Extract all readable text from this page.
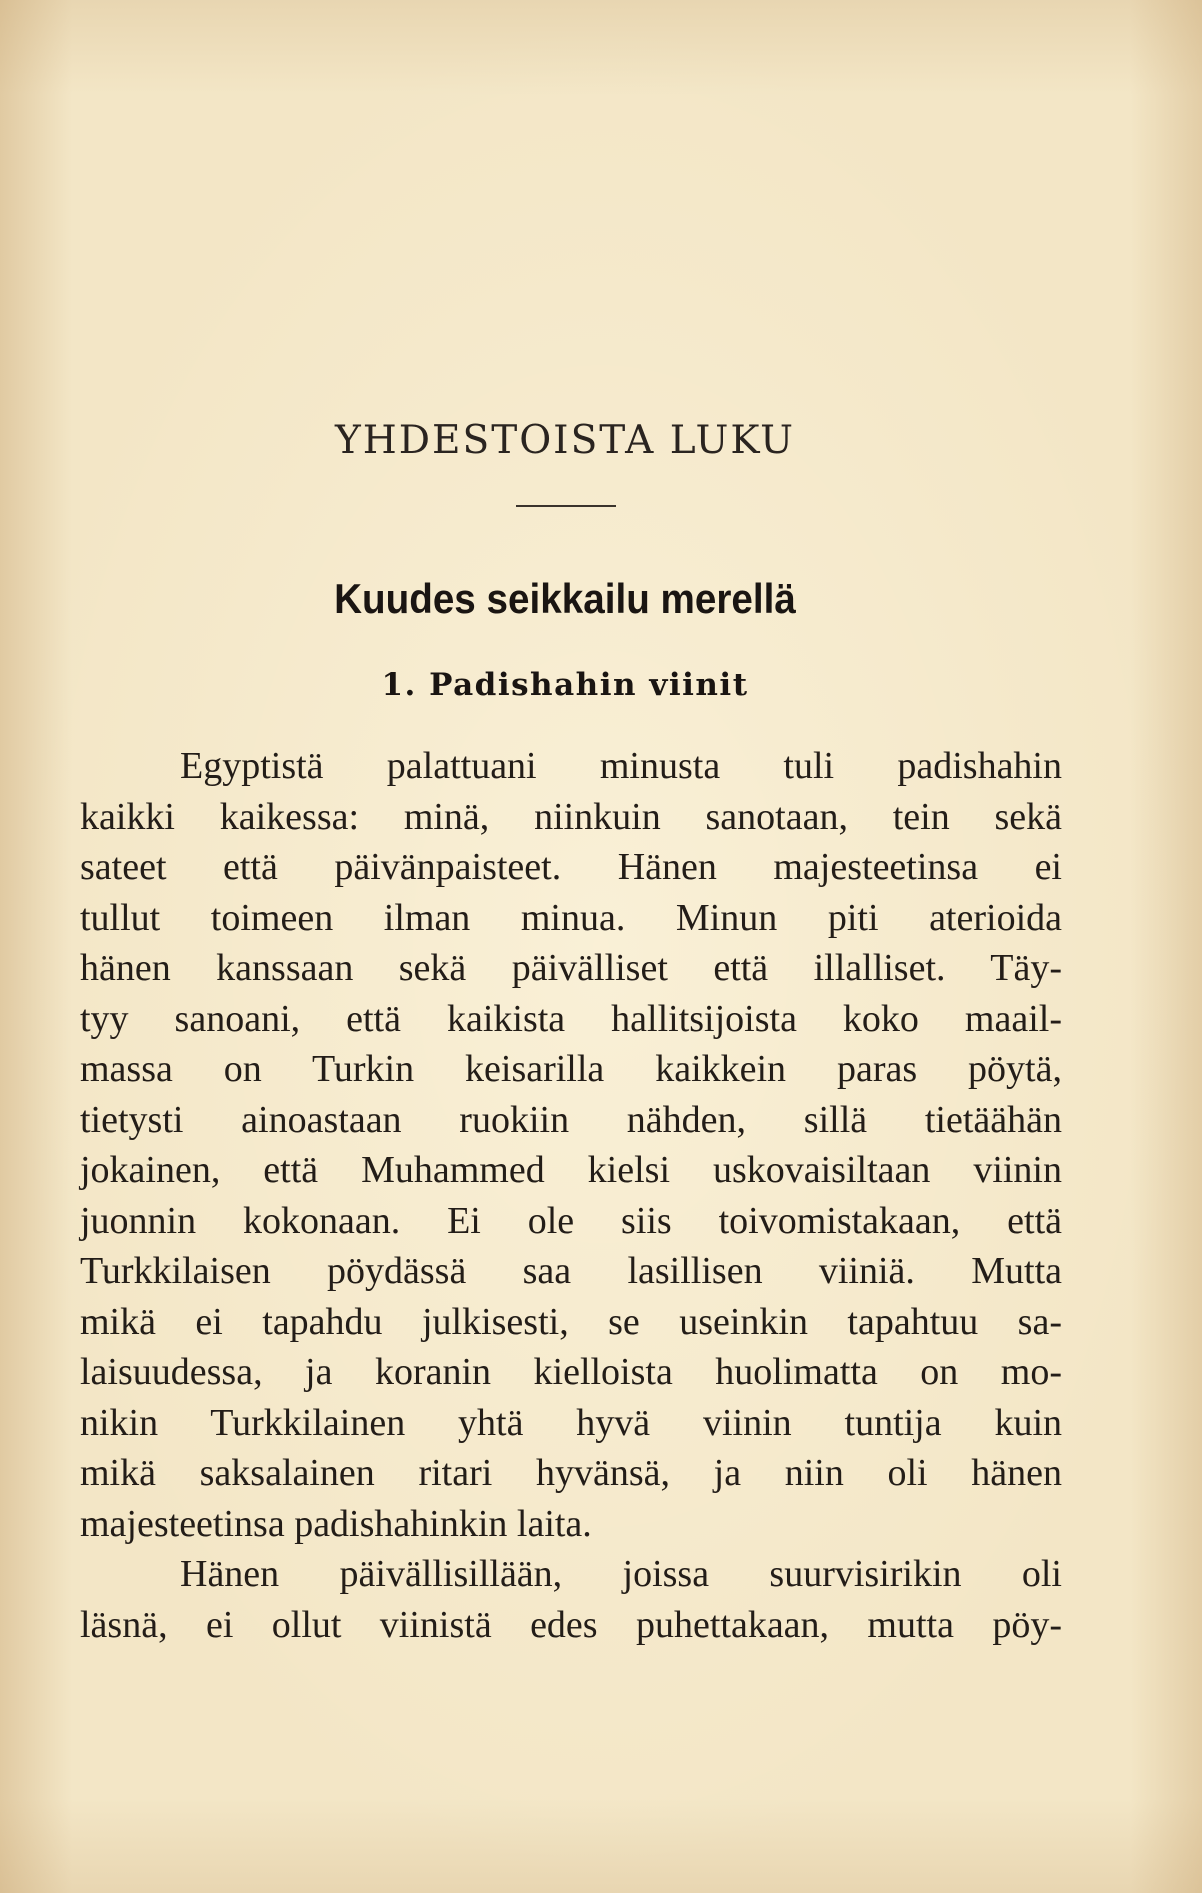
YHDESTOISTA LUKU
Kuudes seikkailu merellä
1. Padishahin viinit
Egyptistä palattuani minusta tuli padishahin
kaikki kaikessa: minä, niinkuin sanotaan, tein sekä
sateet että päivänpaisteet. Hänen majesteetinsa ei
tullut toimeen ilman minua. Minun piti aterioida
hänen kanssaan sekä päivälliset että illalliset. Täy-
tyy sanoani, että kaikista hallitsijoista koko maail-
massa on Turkin keisarilla kaikkein paras pöytä,
tietysti ainoastaan ruokiin nähden, sillä tietäähän
jokainen, että Muhammed kielsi uskovaisiltaan viinin
juonnin kokonaan. Ei ole siis toivomistakaan, että
Turkkilaisen pöydässä saa lasillisen viiniä. Mutta
mikä ei tapahdu julkisesti, se useinkin tapahtuu sa-
laisuudessa, ja koranin kielloista huolimatta on mo-
nikin Turkkilainen yhtä hyvä viinin tuntija kuin
mikä saksalainen ritari hyvänsä, ja niin oli hänen
majesteetinsa padishahinkin laita.
Hänen päivällisillään, joissa suurvisirikin oli
läsnä, ei ollut viinistä edes puhettakaan, mutta pöy-
